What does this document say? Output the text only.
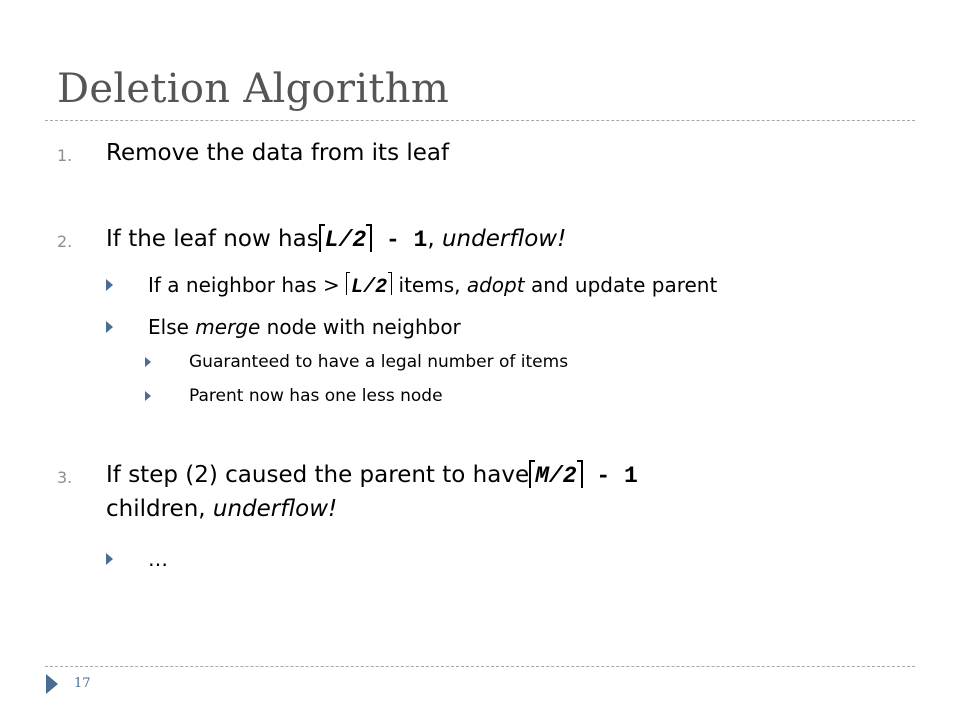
Deletion Algorithm
1. Remove the data from its leaf
2. If the leaf now has L/2 - 1, underflow!
If a neighbor has > L/2 items, adopt and update parent
Else merge node with neighbor
Guaranteed to have a legal number of items
Parent now has one less node
3. If step (2) caused the parent to have M/2 - 1
children, underflow!
…
17
